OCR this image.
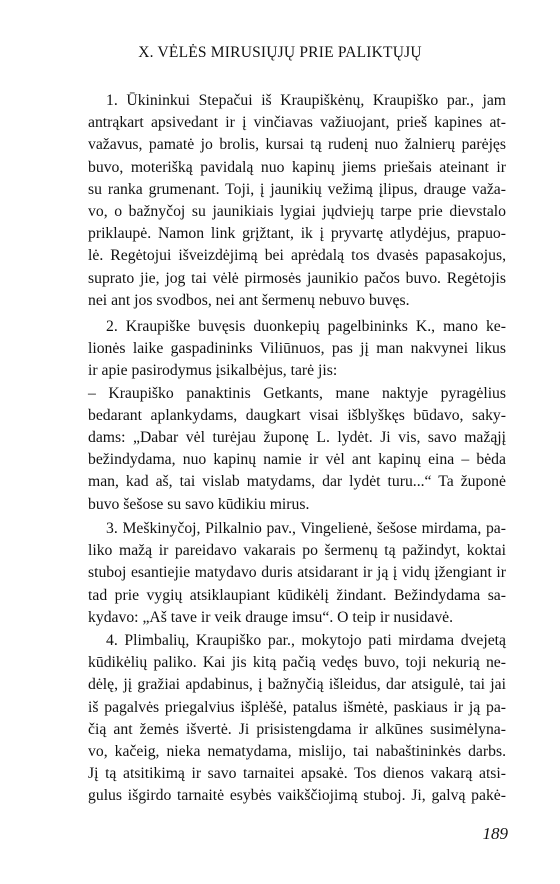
X. VĖLĖS MIRUSIŲJŲ PRIE PALIKTŲJŲ
1. Ūkininkui Stepačui iš Kraupiškėnų, Kraupiško par., jam
antrąkart apsivedant ir į vinčiavas važiuojant, prieš kapines at-
važavus, pamatė jo brolis, kursai tą rudenį nuo žalnierų parėjęs
buvo, moterišką pavidalą nuo kapinų jiems priešais ateinant ir
su ranka grumenant. Toji, į jaunikių vežimą įlipus, drauge važa-
vo, o bažnyčoj su jaunikiais lygiai jųdviejų tarpe prie dievstalo
priklaupė. Namon link grįžtant, ik į pryvartę atlydėjus, prapuo-
lė. Regėtojui išveizdėjimą bei aprėdalą tos dvasės papasakojus,
suprato jie, jog tai vėlė pirmosės jaunikio pačos buvo. Regėtojis
nei ant jos svodbos, nei ant šermenų nebuvo buvęs.
2. Kraupiške buvęsis duonkepių pagelbininks K., mano ke-
lionės laike gaspadininks Viliūnuos, pas jį man nakvynei likus
ir apie pasirodymus įsikalbėjus, tarė jis:
– Kraupiško panaktinis Getkants, mane naktyje pyragėlius
bedarant aplankydams, daugkart visai išblyškęs būdavo, saky-
dams: „Dabar vėl turėjau župonę L. lydėt. Ji vis, savo mažąjį
bežindydama, nuo kapinų namie ir vėl ant kapinų eina – bėda
man, kad aš, tai vislab matydams, dar lydėt turu...“ Ta župonė
buvo šešose su savo kūdikiu mirus.
3. Meškinyčoj, Pilkalnio pav., Vingelienė, šešose mirdama, pa-
liko mažą ir pareidavo vakarais po šermenų tą pažindyt, koktai
stuboj esantiejie matydavo duris atsidarant ir ją į vidų įžengiant ir
tad prie vygių atsiklaupiant kūdikėlį žindant. Bežindydama sa-
kydavo: „Aš tave ir veik drauge imsu“. O teip ir nusidavė.
4. Plimbalių, Kraupiško par., mokytojo pati mirdama dvejetą
kūdikėlių paliko. Kai jis kitą pačią vedęs buvo, toji nekurią ne-
dėlę, jį gražiai apdabinus, į bažnyčią išleidus, dar atsigulė, tai jai
iš pagalvės priegalvius išplėšė, patalus išmėtė, paskiaus ir ją pa-
čią ant žemės išvertė. Ji prisistengdama ir alkūnes susimėlyna-
vo, kačeig, nieka nematydama, mislijo, tai nabaštininkės darbs.
Jį tą atsitikimą ir savo tarnaitei apsakė. Tos dienos vakarą atsi-
gulus išgirdo tarnaitė esybės vaikščiojimą stuboj. Ji, galvą pakė-
189
